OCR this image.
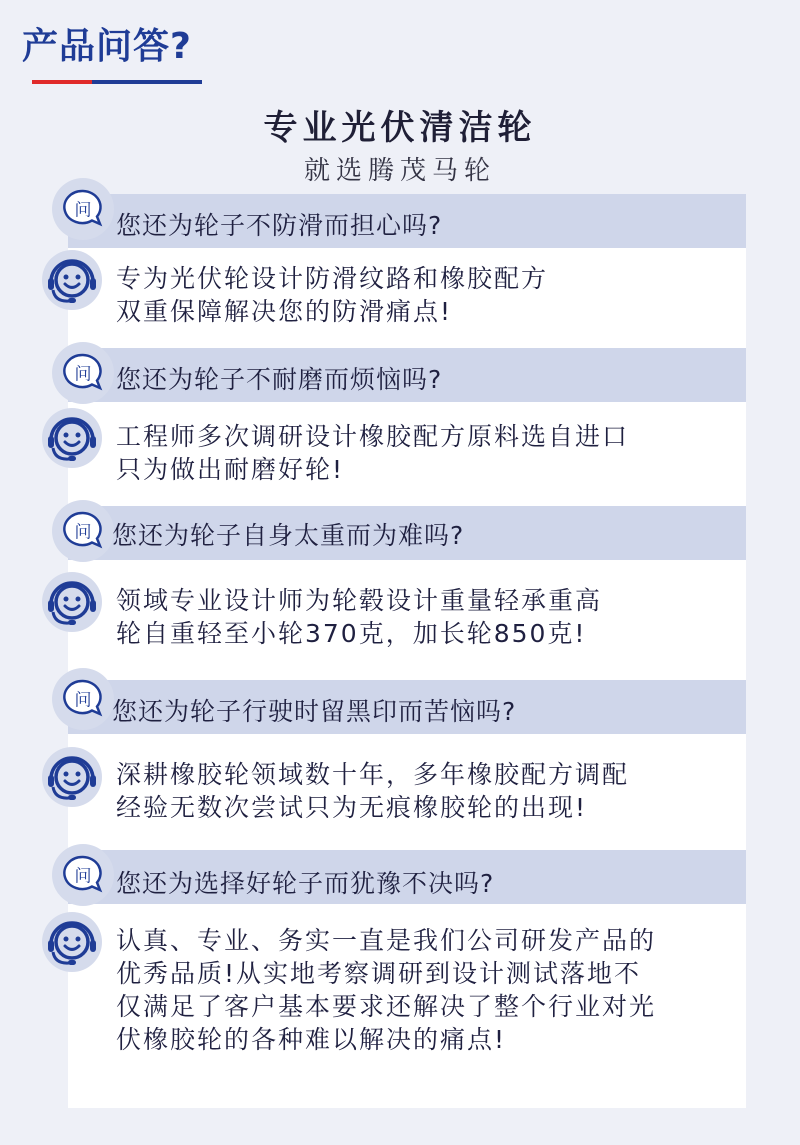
产品问答?
专业光伏清洁轮
就选腾茂马轮
问
您还为轮子不防滑而担心吗?
专为光伏轮设计防滑纹路和橡胶配方
双重保障解决您的防滑痛点!
问 您还为轮子不耐磨而烦恼吗?
工程师多次调研设计橡胶配方原料选自进口
只为做出耐磨好轮!
问 您还为轮子自身太重而为难吗?
领域专业设计师为轮毂设计重量轻承重高
轮自重轻至小轮370克，加长轮850克!
问 您还为轮子行驶时留黑印而苦恼吗?
深耕橡胶轮领域数十年，多年橡胶配方调配
经验无数次尝试只为无痕橡胶轮的出现!
问 您还为选择好轮子而犹豫不决吗?
认真、专业、务实一直是我们公司研发产品的
优秀品质!从实地考察调研到设计测试落地不
仅满足了客户基本要求还解决了整个行业对光
伏橡胶轮的各种难以解决的痛点!
